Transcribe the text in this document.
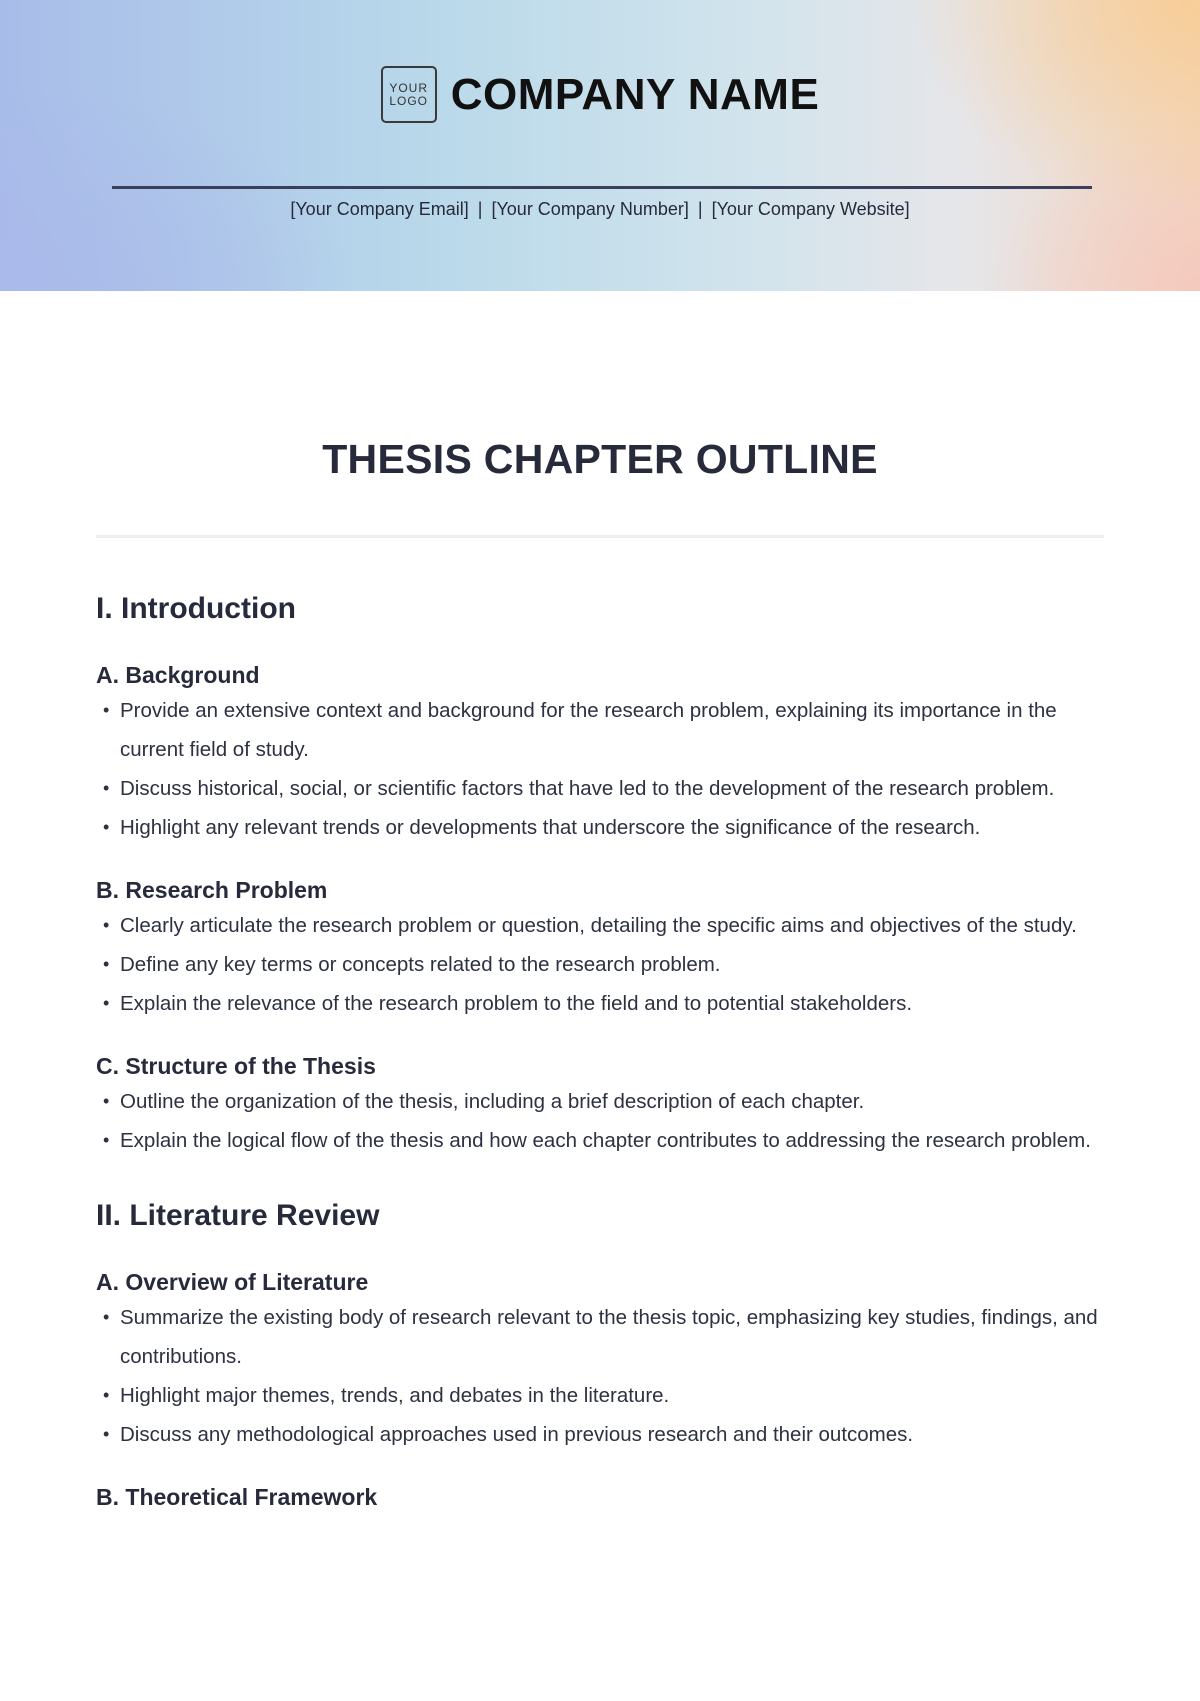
YOUR
LOGO COMPANY NAME
[Your Company Email] | [Your Company Number] | [Your Company Website]
THESIS CHAPTER OUTLINE
I. Introduction
A. Background
• Provide an extensive context and background for the research problem, explaining its importance in the current field of study.
• Discuss historical, social, or scientific factors that have led to the development of the research problem.
• Highlight any relevant trends or developments that underscore the significance of the research.
B. Research Problem
• Clearly articulate the research problem or question, detailing the specific aims and objectives of the study.
• Define any key terms or concepts related to the research problem.
• Explain the relevance of the research problem to the field and to potential stakeholders.
C. Structure of the Thesis
• Outline the organization of the thesis, including a brief description of each chapter.
• Explain the logical flow of the thesis and how each chapter contributes to addressing the research problem.
II. Literature Review
A. Overview of Literature
• Summarize the existing body of research relevant to the thesis topic, emphasizing key studies, findings, and contributions.
• Highlight major themes, trends, and debates in the literature.
• Discuss any methodological approaches used in previous research and their outcomes.
B. Theoretical Framework
